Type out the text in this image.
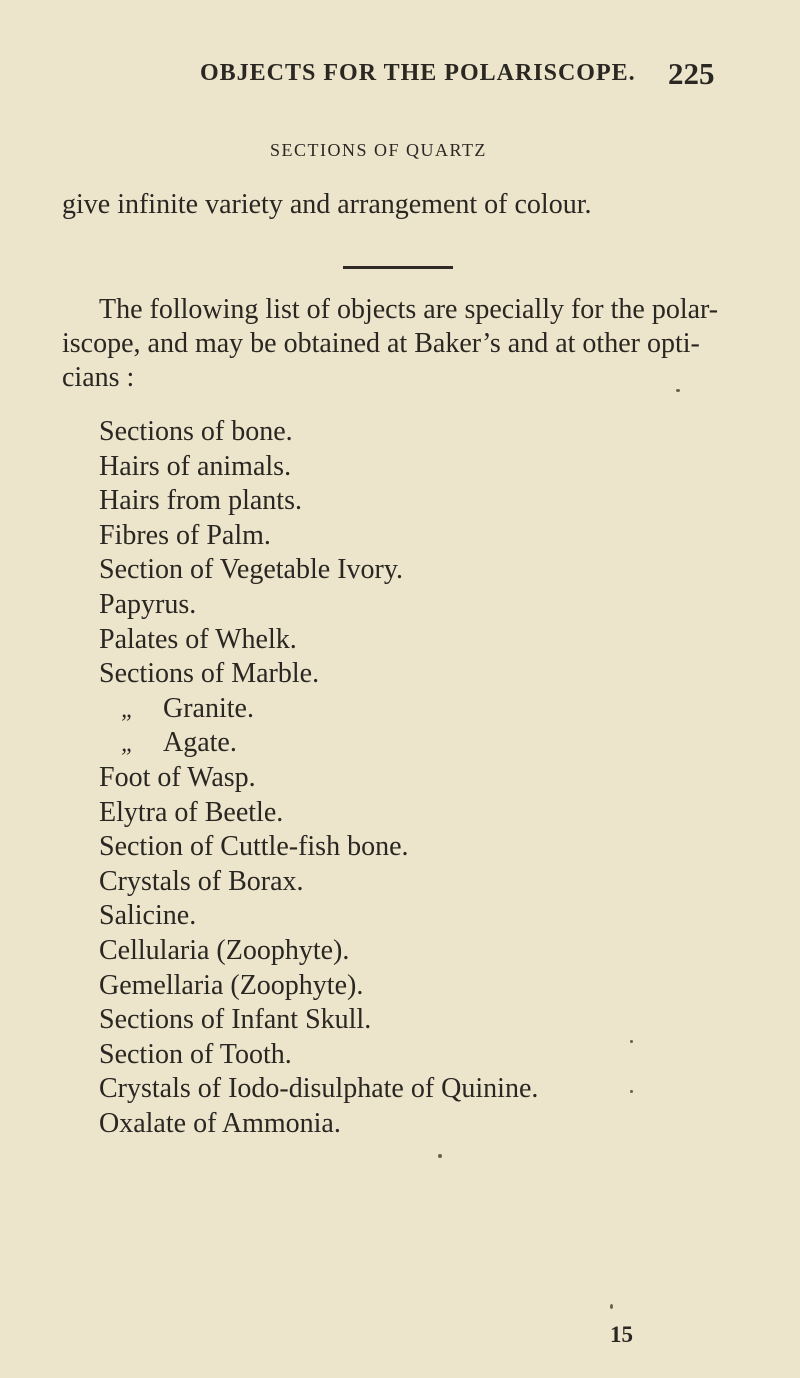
OBJECTS FOR THE POLARISCOPE. 225
SECTIONS OF QUARTZ
give infinite variety and arrangement of colour.
The following list of objects are specially for the polar-
iscope, and may be obtained at Baker’s and at other opti-
cians :
Sections of bone.
Hairs of animals.
Hairs from plants.
Fibres of Palm.
Section of Vegetable Ivory.
Papyrus.
Palates of Whelk.
Sections of Marble.
„ Granite.
„ Agate.
Foot of Wasp.
Elytra of Beetle.
Section of Cuttle-fish bone.
Crystals of Borax.
Salicine.
Cellularia (Zoophyte).
Gemellaria (Zoophyte).
Sections of Infant Skull.
Section of Tooth.
Crystals of Iodo-disulphate of Quinine.
Oxalate of Ammonia.
15
